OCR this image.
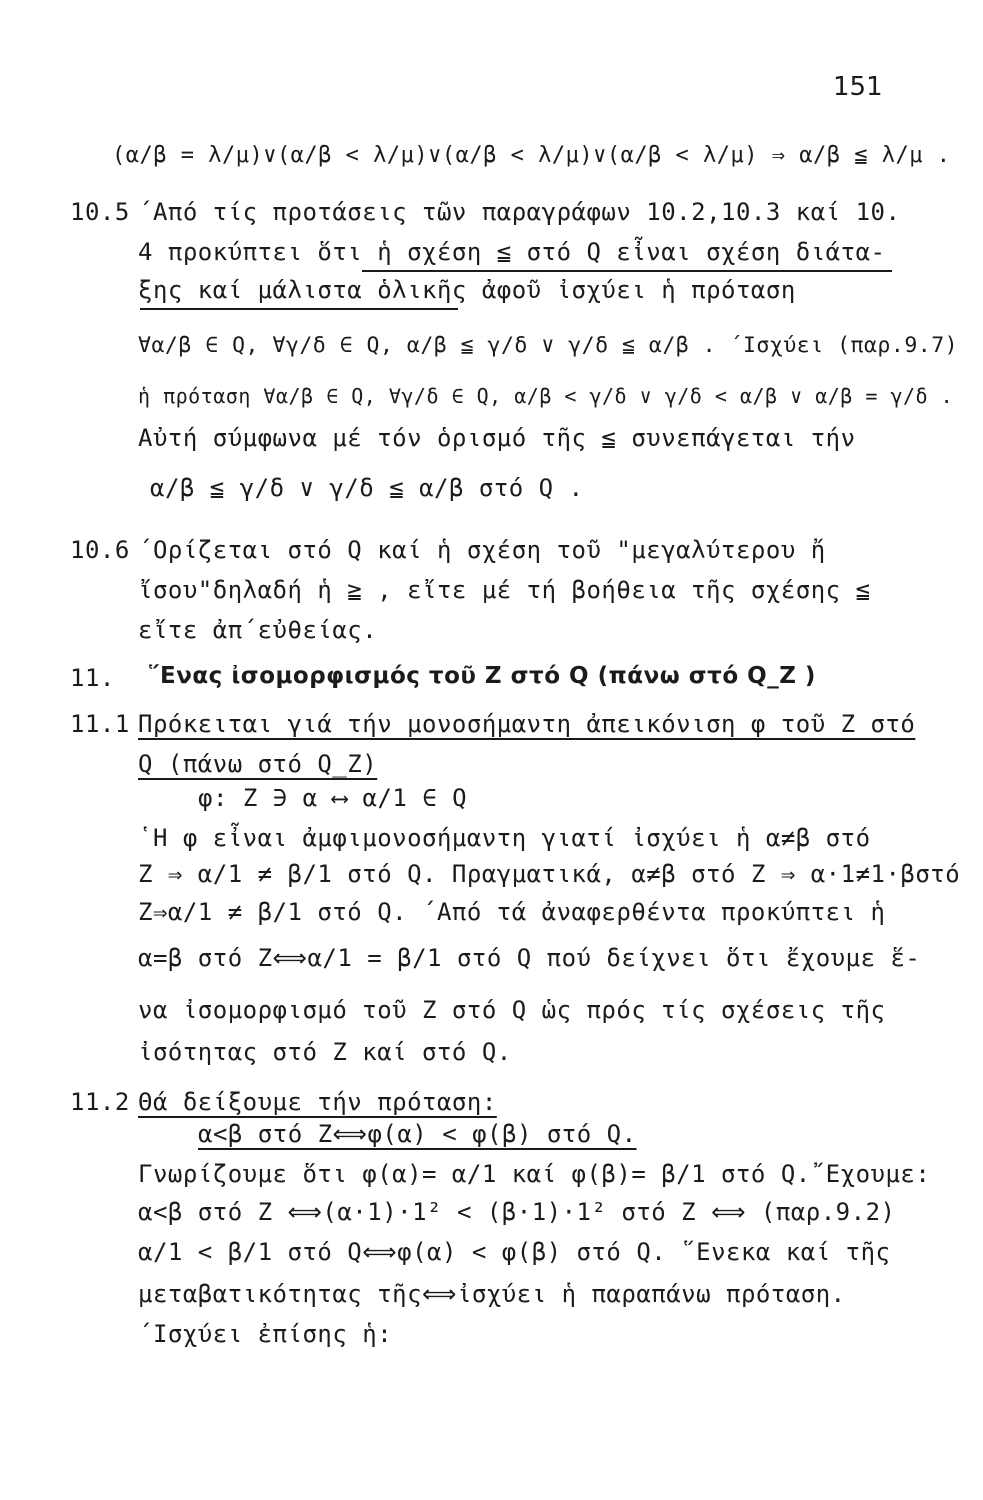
151
(α/β = λ/μ)∨(α/β < λ/μ)∨(α/β < λ/μ)∨(α/β < λ/μ) ⇒ α/β ≦ λ/μ .
10.5 ΄Από τίς προτάσεις τῶν παραγράφων 10.2,10.3 καί 10.
4 προκύπτει ὅτι ἡ σχέση ≦ στό Q εἶναι σχέση διάτα-
ξης καί μάλιστα ὁλικῆς ἀφοῦ ἰσχύει ἡ πρόταση
∀α/β ∈ Q, ∀γ/δ ∈ Q, α/β ≦ γ/δ ∨ γ/δ ≦ α/β . ΄Ισχύει (παρ.9.7)
ἡ πρόταση ∀α/β ∈ Q, ∀γ/δ ∈ Q, α/β < γ/δ ∨ γ/δ < α/β ∨ α/β = γ/δ .
Αὐτή σύμφωνα μέ τόν ὁρισμό τῆς ≦ συνεπάγεται τήν
α/β ≦ γ/δ ∨ γ/δ ≦ α/β στό Q .
10.6 ΄Ορίζεται στό Q καί ἡ σχέση τοῦ "μεγαλύτερου ἤ
ἴσου"δηλαδή ἡ ≧ , εἴτε μέ τή βοήθεια τῆς σχέσης ≦
εἴτε ἀπ΄εὐθείας.
11. ῞Ενας ἰσομορφισμός τοῦ Z στό Q (πάνω στό Q_Z )
11.1 Πρόκειται γιά τήν μονοσήμαντη ἀπεικόνιση φ τοῦ Z στό
Q (πάνω στό Q_Z)
φ: Z ∋ α ⟷ α/1 ∈ Q
῾Η φ εἶναι ἀμφιμονοσήμαντη γιατί ἰσχύει ἡ α≠β στό
Z ⇒ α/1 ≠ β/1 στό Q. Πραγματικά, α≠β στό Z ⇒ α·1≠1·βστό
Z⇒α/1 ≠ β/1 στό Q. ΄Από τά ἀναφερθέντα προκύπτει ἡ
α=β στό Z⟺α/1 = β/1 στό Q πού δείχνει ὅτι ἔχουμε ἕ-
να ἰσομορφισμό τοῦ Z στό Q ὡς πρός τίς σχέσεις τῆς
ἰσότητας στό Z καί στό Q.
11.2 Θά δείξουμε τήν πρόταση:
α<β στό Z⟺φ(α) < φ(β) στό Q.
Γνωρίζουμε ὅτι φ(α)= α/1 καί φ(β)= β/1 στό Q.῎Εχουμε:
α<β στό Z ⟺(α·1)·1² < (β·1)·1² στό Z ⟺ (παρ.9.2)
α/1 < β/1 στό Q⟺φ(α) < φ(β) στό Q. ῞Ενεκα καί τῆς
μεταβατικότητας τῆς⟺ἰσχύει ἡ παραπάνω πρόταση.
΄Ισχύει ἐπίσης ἡ:
